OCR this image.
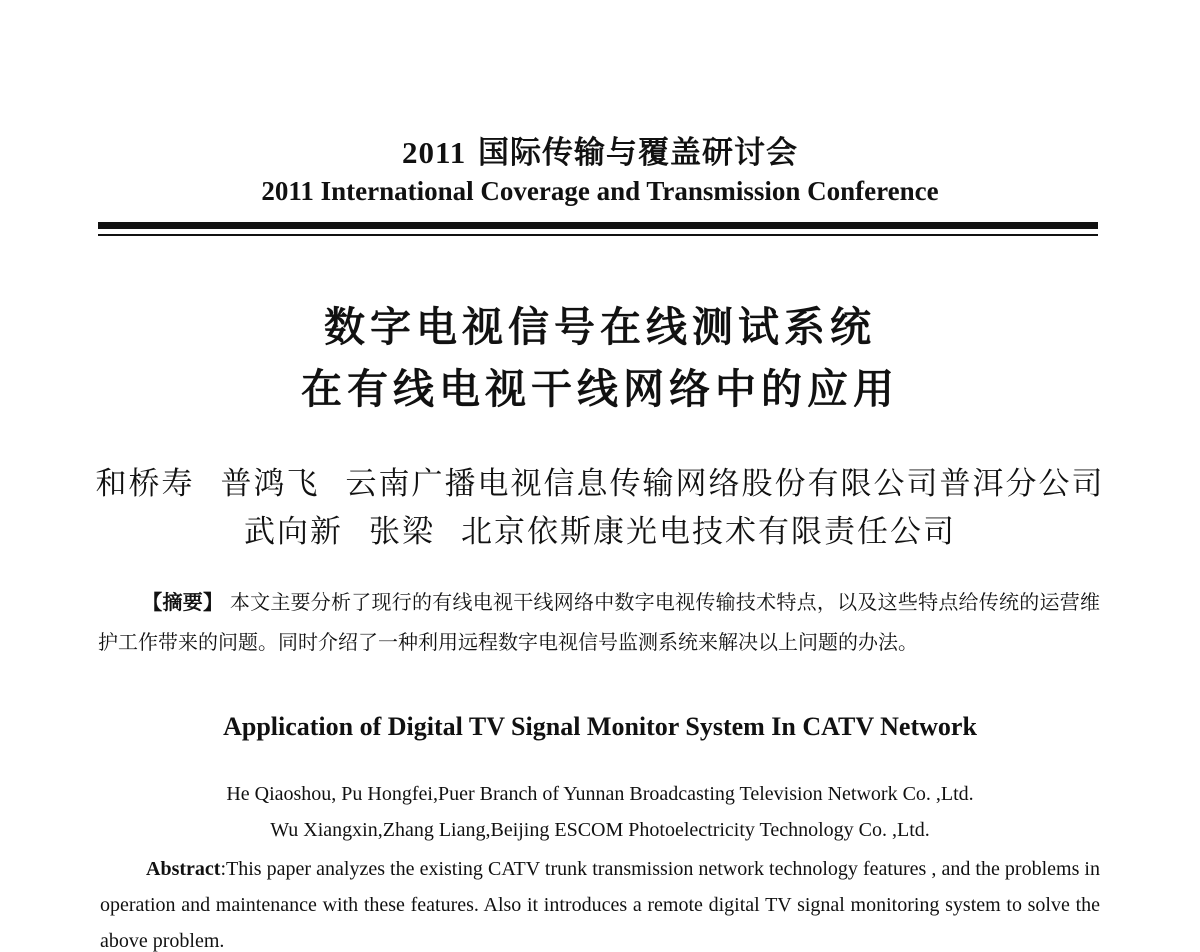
2011 国际传输与覆盖研讨会
2011 International Coverage and Transmission Conference
数字电视信号在线测试系统
在有线电视干线网络中的应用
和桥寿 普鸿飞 云南广播电视信息传输网络股份有限公司普洱分公司
武向新 张梁 北京依斯康光电技术有限责任公司
【摘要】 本文主要分析了现行的有线电视干线网络中数字电视传输技术特点，以及这些特点给传统的运营维护工作带来的问题。同时介绍了一种利用远程数字电视信号监测系统来解决以上问题的办法。
Application of Digital TV Signal Monitor System In CATV Network
He Qiaoshou, Pu Hongfei,Puer Branch of Yunnan Broadcasting Television Network Co. ,Ltd.
Wu Xiangxin,Zhang Liang,Beijing ESCOM Photoelectricity Technology Co. ,Ltd.
Abstract:This paper analyzes the existing CATV trunk transmission network technology features , and the problems in operation and maintenance with these features. Also it introduces a remote digital TV signal monitoring system to solve the above problem.
